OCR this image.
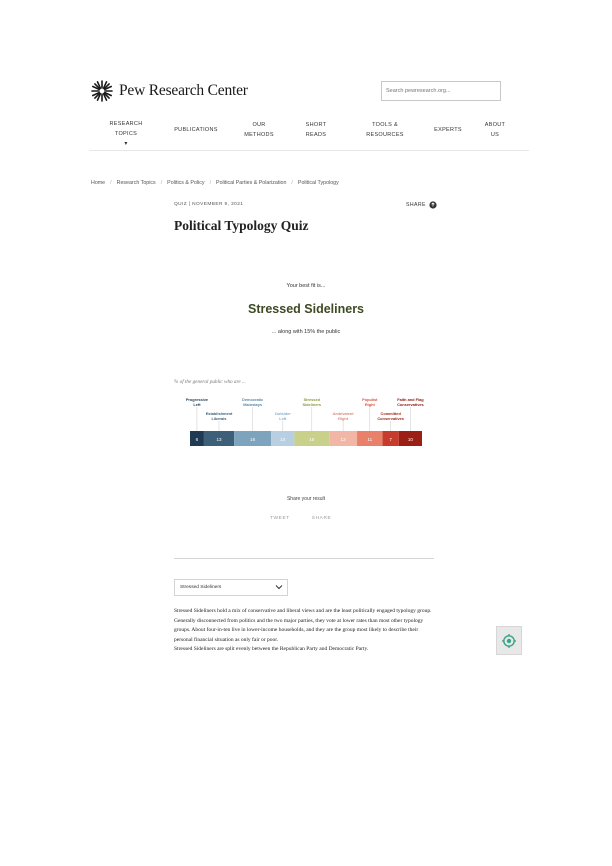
Pew Research Center
Search pewresearch.org...
RESEARCH TOPICS
▾
PUBLICATIONS
OUR
METHODS
SHORT
READS
TOOLS &
RESOURCES
EXPERTS
ABOUT
US
Home / Research Topics / Politics & Policy / Political Parties & Polarization / Political Typology
QUIZ | NOVEMBER 9, 2021	SHARE
Political Typology Quiz
Your best fit is...
Stressed Sideliners
... along with 15% the public
% of the general public who are ...
6
Progressive
Left
13
Establishment
Liberals
16
Democratic
Mainstays
10
Outsider
Left
15
Stressed
Sideliners
12
Ambivalent
Right
11
Populist
Right
7
Committed
Conservatives
10
Faith and Flag
Conservatives
Share your result
TWEET	SHARE
Stressed Sideliners

Stressed Sideliners hold a mix of conservative and liberal views and are the least politically engaged typology group. Generally disconnected from politics and the two major parties, they vote at lower rates than most other typology groups. About four-in-ten live in lower-income households, and they are the group most likely to describe their personal financial situation as only fair or poor.

Stressed Sideliners are split evenly between the Republican Party and Democratic Party.
